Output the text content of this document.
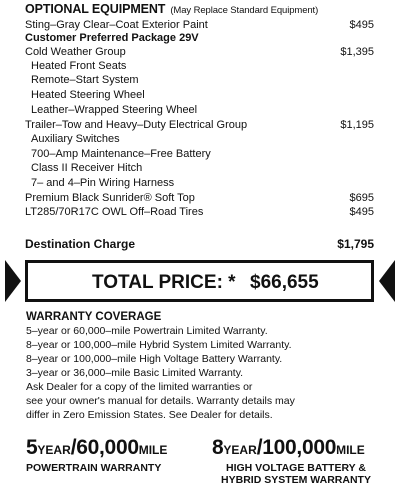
OPTIONAL EQUIPMENT (May Replace Standard Equipment)
Sting–Gray Clear–Coat Exterior Paint	$495
Customer Preferred Package 29V
Cold Weather Group	$1,395
Heated Front Seats
Remote–Start System
Heated Steering Wheel
Leather–Wrapped Steering Wheel
Trailer–Tow and Heavy–Duty Electrical Group	$1,195
Auxiliary Switches
700–Amp Maintenance–Free Battery
Class II Receiver Hitch
7– and 4–Pin Wiring Harness
Premium Black Sunrider® Soft Top	$695
LT285/70R17C OWL Off–Road Tires	$495
Destination Charge	$1,795
TOTAL PRICE: * $66,655
WARRANTY COVERAGE
5–year or 60,000–mile Powertrain Limited Warranty.
8–year or 100,000–mile Hybrid System Limited Warranty.
8–year or 100,000–mile High Voltage Battery Warranty.
3–year or 36,000–mile Basic Limited Warranty.
Ask Dealer for a copy of the limited warranties or
see your owner's manual for details. Warranty details may
differ in Zero Emission States. See Dealer for details.
5YEAR/60,000MILE
POWERTRAIN WARRANTY
8YEAR/100,000MILE
HIGH VOLTAGE BATTERY &
HYBRID SYSTEM WARRANTY
